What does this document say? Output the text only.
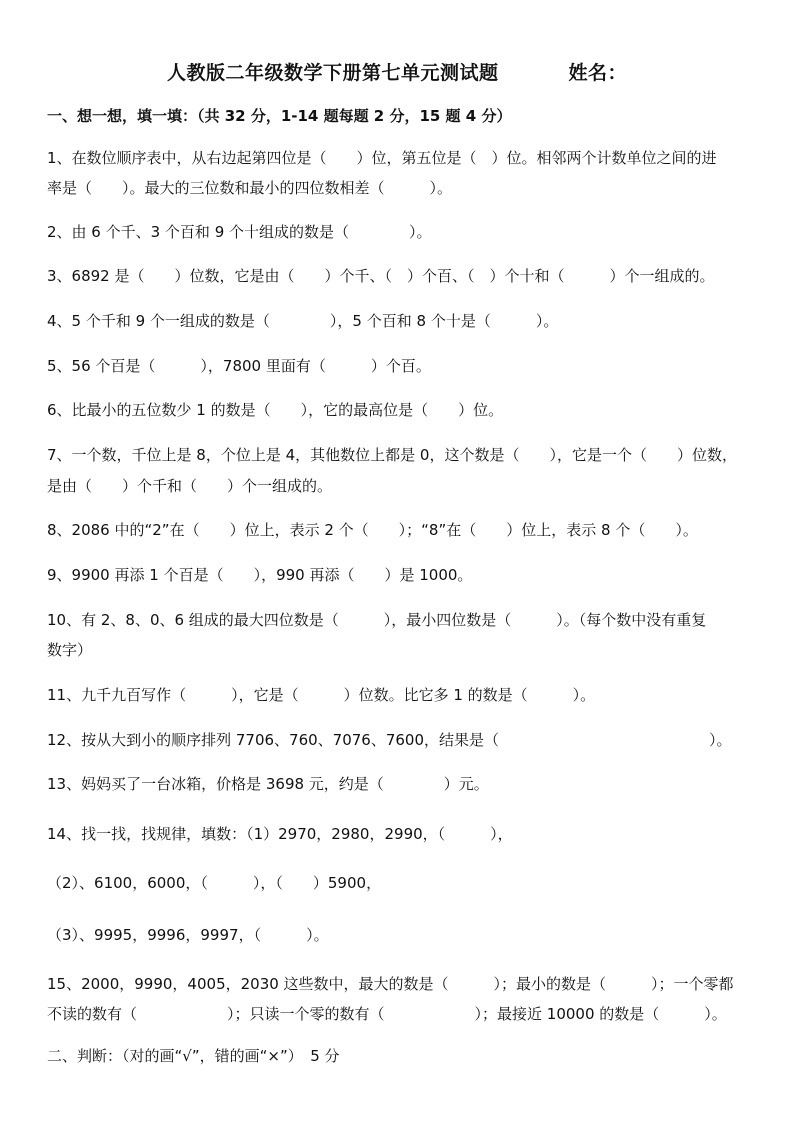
人教版二年级数学下册第七单元测试题	姓名：
一、想一想，填一填：（共 32 分，1-14 题每题 2 分，15 题 4 分）
1、在数位顺序表中，从右边起第四位是（　　）位，第五位是（　）位。相邻两个计数单位之间的进
率是（　　）。最大的三位数和最小的四位数相差（　　　）。
2、由 6 个千、3 个百和 9 个十组成的数是（　　　　）。
3、6892 是（　　）位数，它是由（　　）个千、（　）个百、（　）个十和（　　　）个一组成的。
4、5 个千和 9 个一组成的数是（　　　　），5 个百和 8 个十是（　　　）。
5、56 个百是（　　　），7800 里面有（　　　）个百。
6、比最小的五位数少 1 的数是（　　），它的最高位是（　　）位。
7、一个数，千位上是 8，个位上是 4，其他数位上都是 0，这个数是（　　），它是一个（　　）位数，
是由（　　）个千和（　　）个一组成的。
8、2086 中的“2”在（　　）位上，表示 2 个（　　）；“8”在（　　）位上，表示 8 个（　　）。
9、9900 再添 1 个百是（　　），990 再添（　　）是 1000。
10、有 2、8、0、6 组成的最大四位数是（　　　），最小四位数是（　　　）。（每个数中没有重复
数字）
11、九千九百写作（　　　），它是（　　　）位数。比它多 1 的数是（　　　）。
12、按从大到小的顺序排列 7706、760、7076、7600，结果是（　　　　　　　　　　　　　　）。
13、妈妈买了一台冰箱，价格是 3698 元，约是（　　　　）元。
14、找一找，找规律，填数：（1）2970，2980，2990，（　　　），
（2）、6100，6000，（　　　），（　　）5900，
（3）、9995，9996，9997，（　　　）。
15、2000，9990，4005，2030 这些数中，最大的数是（　　　）；最小的数是（　　　）；一个零都
不读的数有（　　　　　　）；只读一个零的数有（　　　　　　）；最接近 10000 的数是（　　　）。
二、判断：（对的画“√”，错的画“×”）　5 分
